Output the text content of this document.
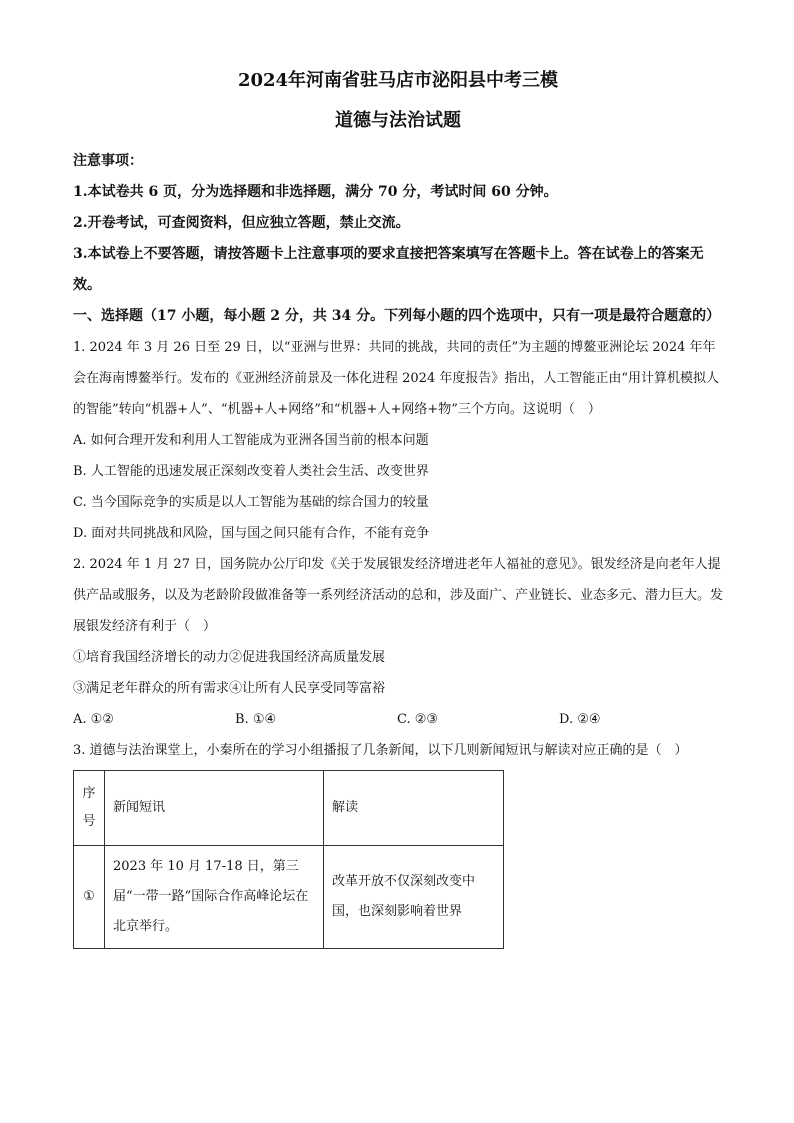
2024年河南省驻马店市泌阳县中考三模

道德与法治试题

注意事项：

1.本试卷共 6 页，分为选择题和非选择题，满分 70 分，考试时间 60 分钟。

2.开卷考试，可查阅资料，但应独立答题，禁止交流。

3.本试卷上不要答题，请按答题卡上注意事项的要求直接把答案填写在答题卡上。答在试卷上的答案无效。

一、选择题（17 小题，每小题 2 分，共 34 分。下列每小题的四个选项中，只有一项是最符合题意的）

1. 2024 年 3 月 26 日至 29 日，以“亚洲与世界：共同的挑战，共同的责任”为主题的博鳌亚洲论坛 2024 年年会在海南博鳌举行。发布的《亚洲经济前景及一体化进程 2024 年度报告》指出，人工智能正由“用计算机模拟人的智能”转向“机器+人”、“机器+人+网络”和“机器+人+网络+物”三个方向。这说明（　）

A. 如何合理开发和利用人工智能成为亚洲各国当前的根本问题

B. 人工智能的迅速发展正深刻改变着人类社会生活、改变世界

C. 当今国际竞争的实质是以人工智能为基础的综合国力的较量

D. 面对共同挑战和风险，国与国之间只能有合作，不能有竞争

2. 2024 年 1 月 27 日，国务院办公厅印发《关于发展银发经济增进老年人福祉的意见》。银发经济是向老年人提供产品或服务，以及为老龄阶段做准备等一系列经济活动的总和，涉及面广、产业链长、业态多元、潜力巨大。发展银发经济有利于（　）

①培育我国经济增长的动力②促进我国经济高质量发展

③满足老年群众的所有需求④让所有人民享受同等富裕

A. ①②	B. ①④	C. ②③	D. ②④

3. 道德与法治课堂上，小秦所在的学习小组播报了几条新闻，以下几则新闻短讯与解读对应正确的是（　）

序号	新闻短讯	解读
①	2023 年 10 月 17-18 日，第三届“一带一路”国际合作高峰论坛在北京举行。	改革开放不仅深刻改变中国，也深刻影响着世界
